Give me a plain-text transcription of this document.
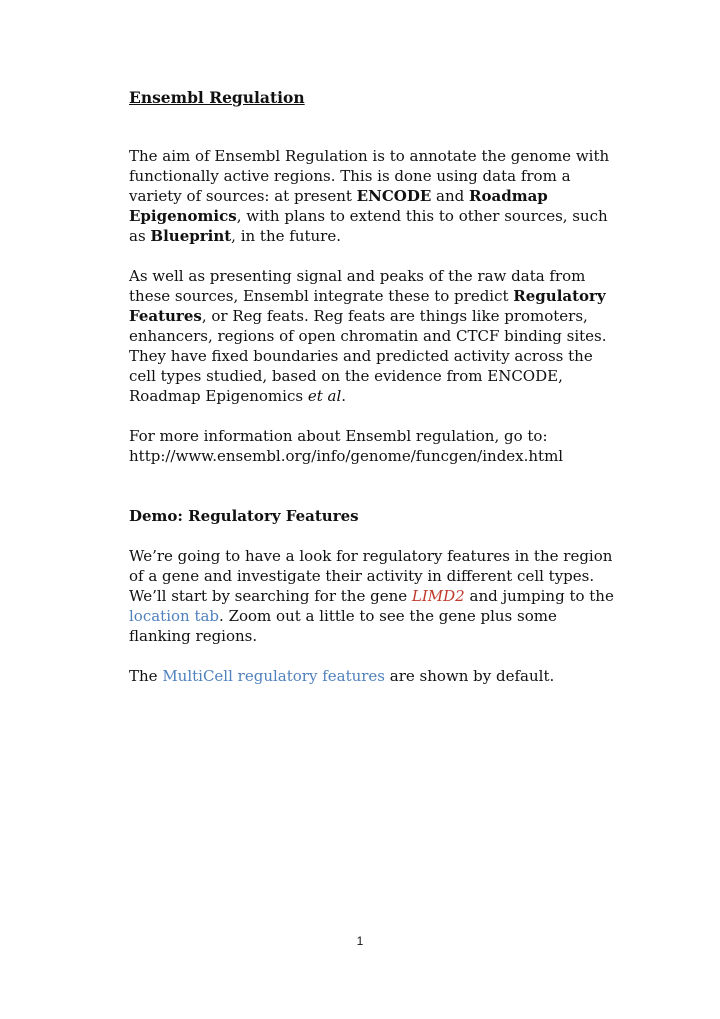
Ensembl Regulation

The aim of Ensembl Regulation is to annotate the genome with functionally active regions. This is done using data from a variety of sources: at present ENCODE and Roadmap Epigenomics, with plans to extend this to other sources, such as Blueprint, in the future.

As well as presenting signal and peaks of the raw data from these sources, Ensembl integrate these to predict Regulatory Features, or Reg feats. Reg feats are things like promoters, enhancers, regions of open chromatin and CTCF binding sites. They have fixed boundaries and predicted activity across the cell types studied, based on the evidence from ENCODE, Roadmap Epigenomics et al.

For more information about Ensembl regulation, go to:
http://www.ensembl.org/info/genome/funcgen/index.html

Demo: Regulatory Features

We’re going to have a look for regulatory features in the region of a gene and investigate their activity in different cell types. We’ll start by searching for the gene LIMD2 and jumping to the location tab. Zoom out a little to see the gene plus some flanking regions.

The MultiCell regulatory features are shown by default.

1
